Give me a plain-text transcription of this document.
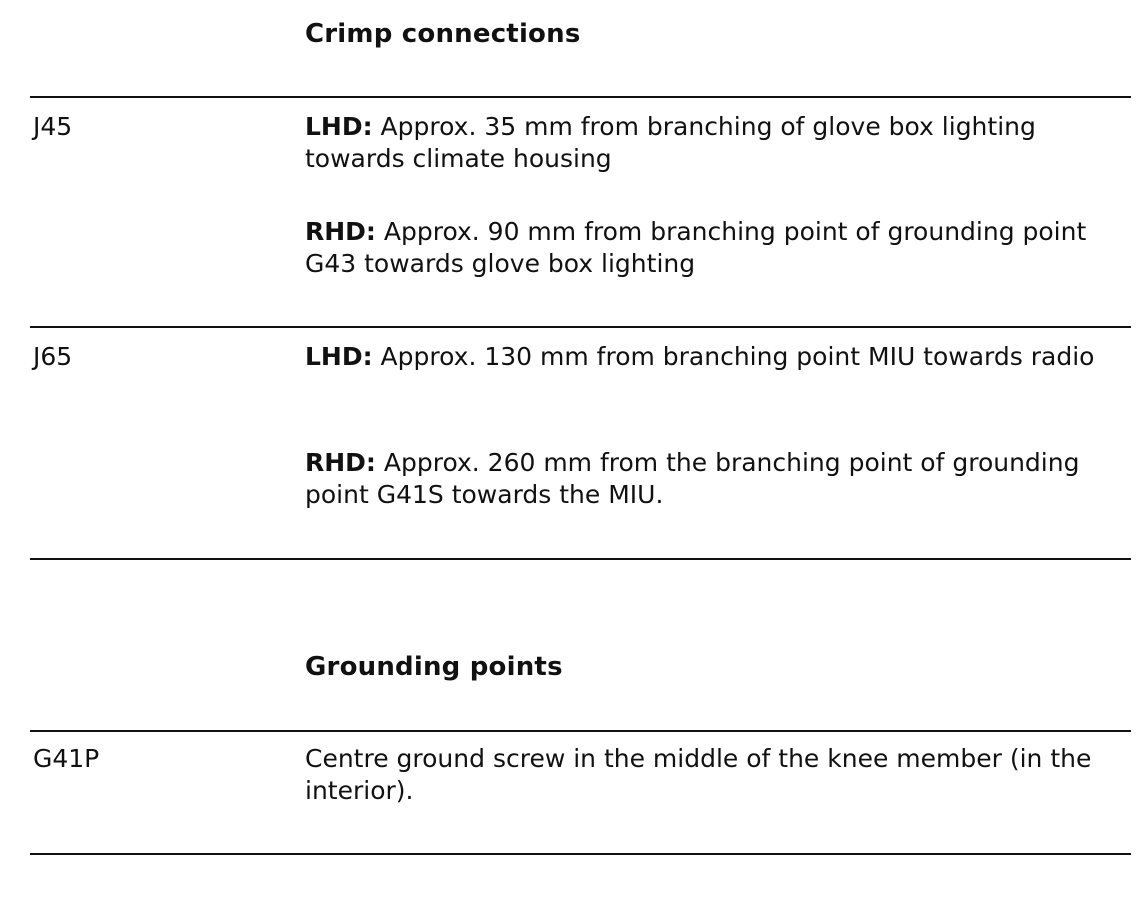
Crimp connections
J45	LHD: Approx. 35 mm from branching of glove box lighting towards climate housing

RHD: Approx. 90 mm from branching point of grounding point G43 towards glove box lighting

J65	LHD: Approx. 130 mm from branching point MIU towards radio

RHD: Approx. 260 mm from the branching point of grounding point G41S towards the MIU.

Grounding points
G41P	Centre ground screw in the middle of the knee member (in the interior).
